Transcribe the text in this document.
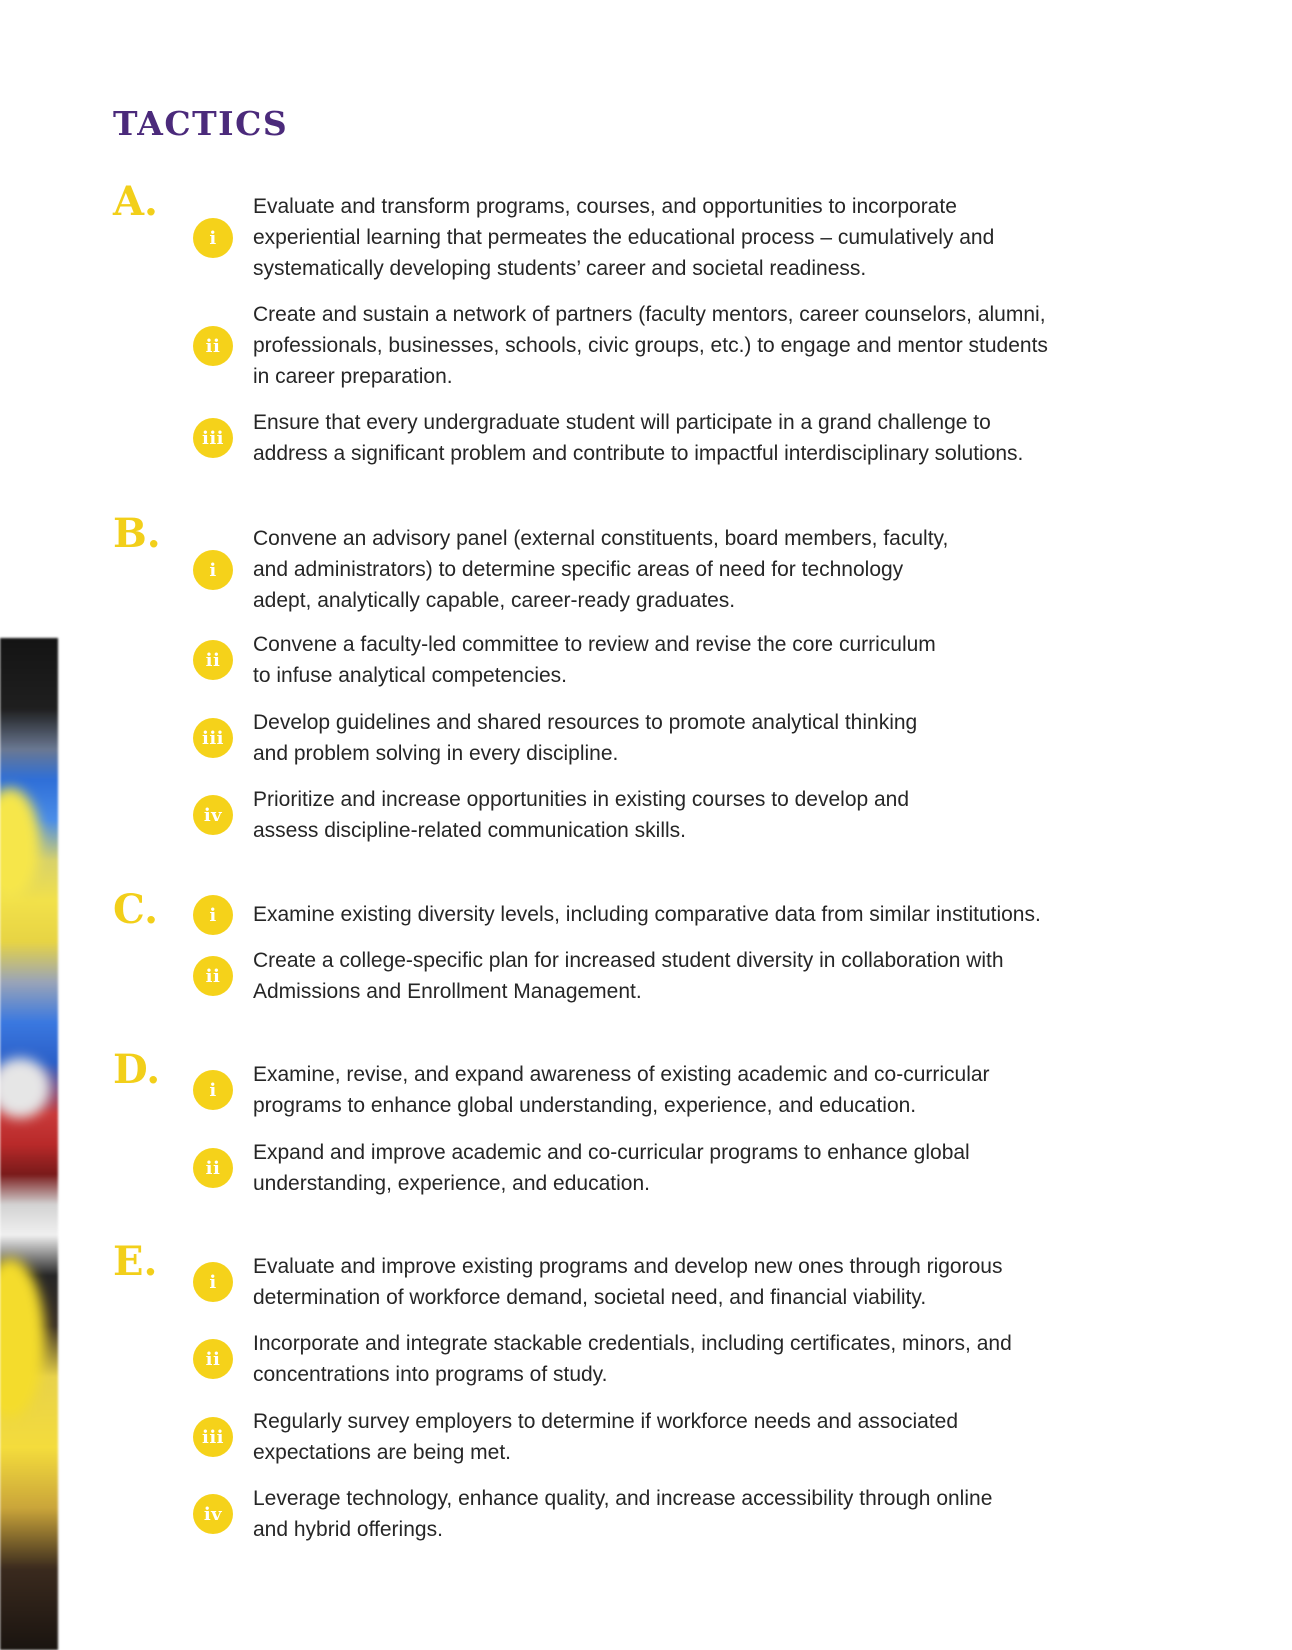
TACTICS
A.
i

Evaluate and transform programs, courses, and opportunities to incorporate
experiential learning that permeates the educational process – cumulatively and
systematically developing students’ career and societal readiness.

ii

Create and sustain a network of partners (faculty mentors, career counselors, alumni,
professionals, businesses, schools, civic groups, etc.) to engage and mentor students
in career preparation.

iii

Ensure that every undergraduate student will participate in a grand challenge to
address a significant problem and contribute to impactful interdisciplinary solutions.

B.
i

Convene an advisory panel (external constituents, board members, faculty,
and administrators) to determine specific areas of need for technology
adept, analytically capable, career-ready graduates.

ii

Convene a faculty-led committee to review and revise the core curriculum
to infuse analytical competencies.

iii

Develop guidelines and shared resources to promote analytical thinking
and problem solving in every discipline.

iv

Prioritize and increase opportunities in existing courses to develop and
assess discipline-related communication skills.

C.	i	Examine existing diversity levels, including comparative data from similar institutions.

ii

Create a college-specific plan for increased student diversity in collaboration with
Admissions and Enrollment Management.

D.	i

Examine, revise, and expand awareness of existing academic and co-curricular
programs to enhance global understanding, experience, and education.

ii

Expand and improve academic and co-curricular programs to enhance global
understanding, experience, and education.

E.	i

Evaluate and improve existing programs and develop new ones through rigorous
determination of workforce demand, societal need, and financial viability.

ii

Incorporate and integrate stackable credentials, including certificates, minors, and
concentrations into programs of study.

iii

Regularly survey employers to determine if workforce needs and associated
expectations are being met.

iv

Leverage technology, enhance quality, and increase accessibility through online
and hybrid offerings.
